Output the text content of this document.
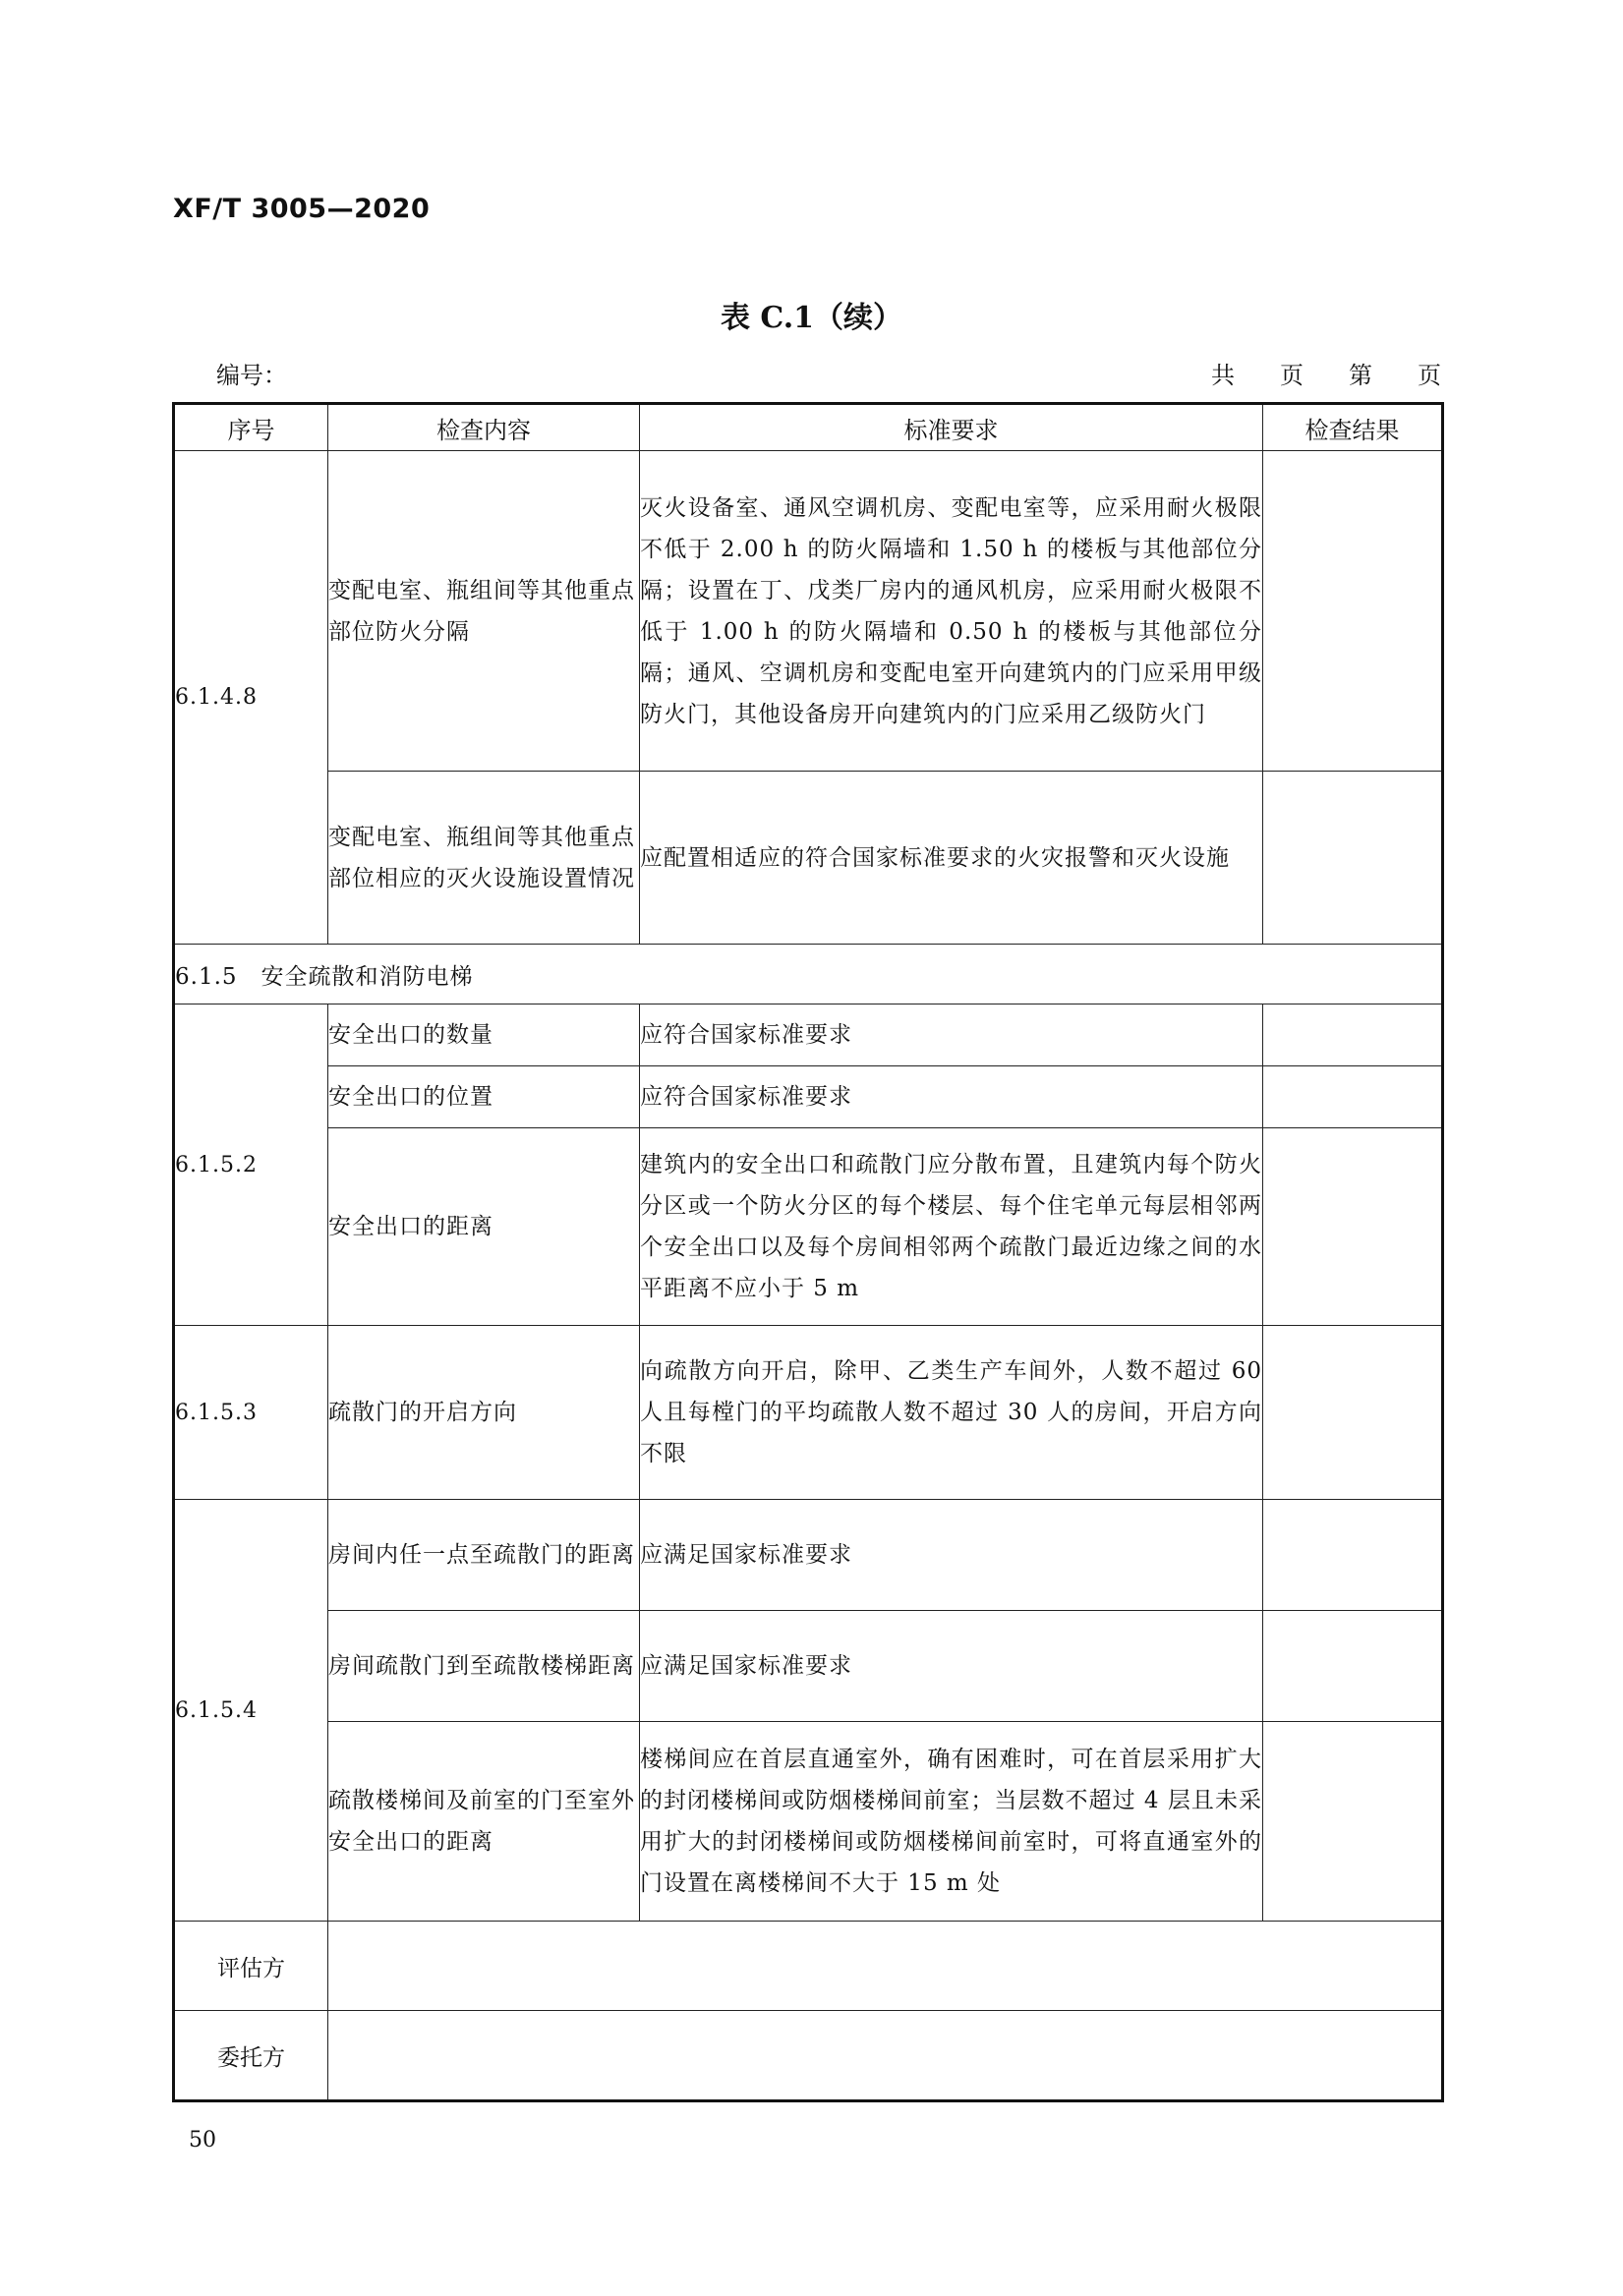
XF/T 3005—2020
表 C.1（续）
编号：	共 页 第 页
序号	检查内容	标准要求	检查结果
6.1.4.8	变配电室、瓶组间等其他重点部位防火分隔	灭火设备室、通风空调机房、变配电室等，应采用耐火极限不低于 2.00 h 的防火隔墙和 1.50 h 的楼板与其他部位分隔；设置在丁、戊类厂房内的通风机房，应采用耐火极限不低于 1.00 h 的防火隔墙和 0.50 h 的楼板与其他部位分隔；通风、空调机房和变配电室开向建筑内的门应采用甲级防火门，其他设备房开向建筑内的门应采用乙级防火门	
	变配电室、瓶组间等其他重点部位相应的灭火设施设置情况	应配置相适应的符合国家标准要求的火灾报警和灭火设施	
6.1.5　安全疏散和消防电梯			
6.1.5.2	安全出口的数量	应符合国家标准要求	
	安全出口的位置	应符合国家标准要求	
	安全出口的距离	建筑内的安全出口和疏散门应分散布置，且建筑内每个防火分区或一个防火分区的每个楼层、每个住宅单元每层相邻两个安全出口以及每个房间相邻两个疏散门最近边缘之间的水平距离不应小于 5 m	
6.1.5.3	疏散门的开启方向	向疏散方向开启，除甲、乙类生产车间外，人数不超过 60 人且每樘门的平均疏散人数不超过 30 人的房间，开启方向不限	
6.1.5.4	房间内任一点至疏散门的距离	应满足国家标准要求	
	房间疏散门到至疏散楼梯距离	应满足国家标准要求	
	疏散楼梯间及前室的门至室外安全出口的距离	楼梯间应在首层直通室外，确有困难时，可在首层采用扩大的封闭楼梯间或防烟楼梯间前室；当层数不超过 4 层且未采用扩大的封闭楼梯间或防烟楼梯间前室时，可将直通室外的门设置在离楼梯间不大于 15 m 处	
评估方			
委托方			
50
